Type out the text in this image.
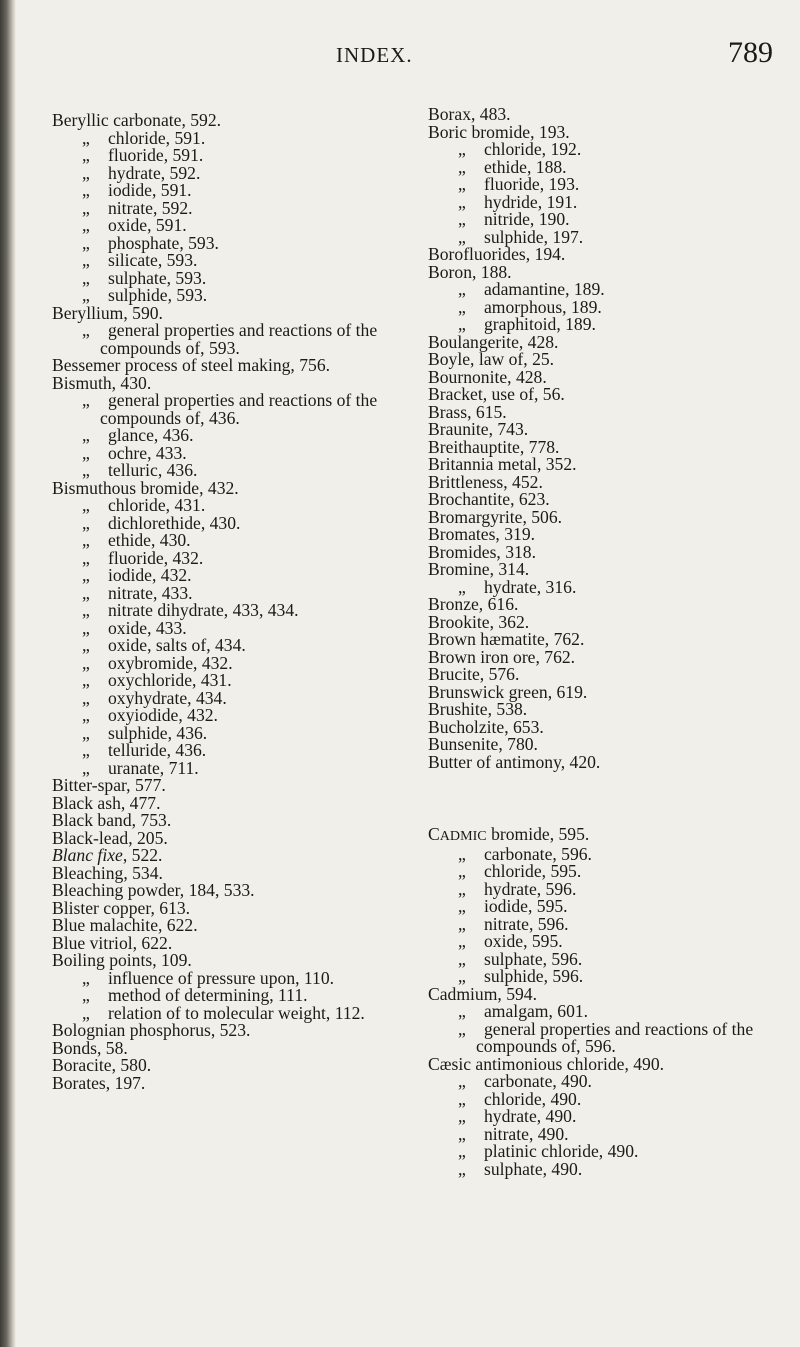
INDEX.	789
Beryllic carbonate, 592.
„ chloride, 591.
„ fluoride, 591.
„ hydrate, 592.
„ iodide, 591.
„ nitrate, 592.
„ oxide, 591.
„ phosphate, 593.
„ silicate, 593.
„ sulphate, 593.
„ sulphide, 593.
Beryllium, 590.
„ general properties and reactions of the compounds of, 593.
Bessemer process of steel making, 756.
Bismuth, 430.
„ general properties and reactions of the compounds of, 436.
„ glance, 436.
„ ochre, 433.
„ telluric, 436.
Bismuthous bromide, 432.
„ chloride, 431.
„ dichlorethide, 430.
„ ethide, 430.
„ fluoride, 432.
„ iodide, 432.
„ nitrate, 433.
„ nitrate dihydrate, 433, 434.
„ oxide, 433.
„ oxide, salts of, 434.
„ oxybromide, 432.
„ oxychloride, 431.
„ oxyhydrate, 434.
„ oxyiodide, 432.
„ sulphide, 436.
„ telluride, 436.
„ uranate, 711.
Bitter-spar, 577.
Black ash, 477.
Black band, 753.
Black-lead, 205.
Blanc fixe, 522.
Bleaching, 534.
Bleaching powder, 184, 533.
Blister copper, 613.
Blue malachite, 622.
Blue vitriol, 622.
Boiling points, 109.
„ influence of pressure upon, 110.
„ method of determining, 111.
„ relation of to molecular weight, 112.
Bolognian phosphorus, 523.
Bonds, 58.
Boracite, 580.
Borates, 197.
Borax, 483.
Boric bromide, 193.
„ chloride, 192.
„ ethide, 188.
„ fluoride, 193.
„ hydride, 191.
„ nitride, 190.
„ sulphide, 197.
Borofluorides, 194.
Boron, 188.
„ adamantine, 189.
„ amorphous, 189.
„ graphitoid, 189.
Boulangerite, 428.
Boyle, law of, 25.
Bournonite, 428.
Bracket, use of, 56.
Brass, 615.
Braunite, 743.
Breithauptite, 778.
Britannia metal, 352.
Brittleness, 452.
Brochantite, 623.
Bromargyrite, 506.
Bromates, 319.
Bromides, 318.
Bromine, 314.
„ hydrate, 316.
Bronze, 616.
Brookite, 362.
Brown hæmatite, 762.
Brown iron ore, 762.
Brucite, 576.
Brunswick green, 619.
Brushite, 538.
Bucholzite, 653.
Bunsenite, 780.
Butter of antimony, 420.
CADMIC bromide, 595.
„ carbonate, 596.
„ chloride, 595.
„ hydrate, 596.
„ iodide, 595.
„ nitrate, 596.
„ oxide, 595.
„ sulphate, 596.
„ sulphide, 596.
Cadmium, 594.
„ amalgam, 601.
„ general properties and reactions of the compounds of, 596.
Cæsic antimonious chloride, 490.
„ carbonate, 490.
„ chloride, 490.
„ hydrate, 490.
„ nitrate, 490.
„ platinic chloride, 490.
„ sulphate, 490.
